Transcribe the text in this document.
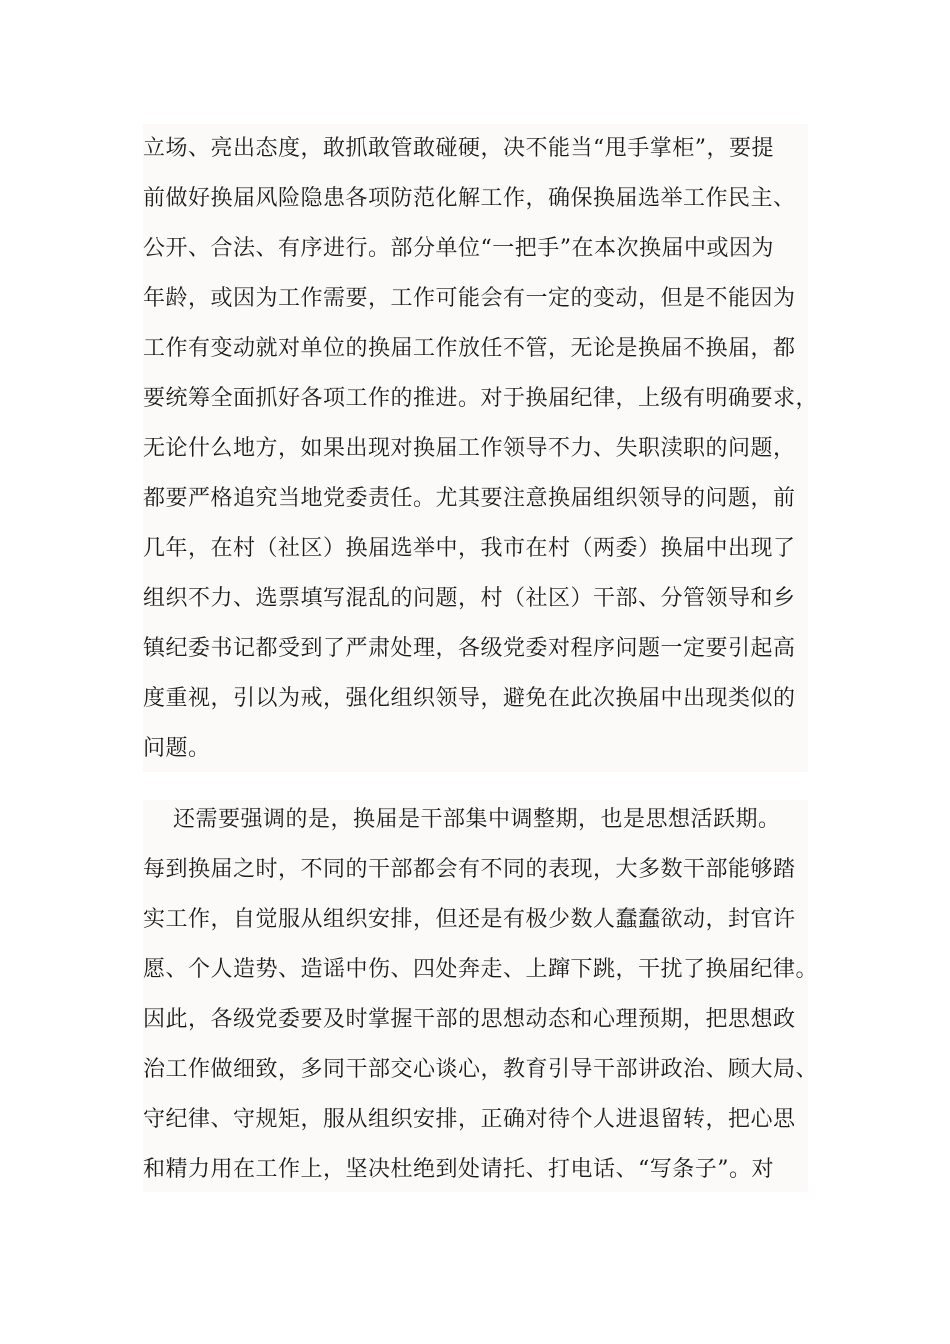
立场、亮出态度，敢抓敢管敢碰硬，决不能当“甩手掌柜”，要提
前做好换届风险隐患各项防范化解工作，确保换届选举工作民主、
公开、合法、有序进行。部分单位“一把手”在本次换届中或因为
年龄，或因为工作需要，工作可能会有一定的变动，但是不能因为
工作有变动就对单位的换届工作放任不管，无论是换届不换届，都
要统筹全面抓好各项工作的推进。对于换届纪律，上级有明确要求，
无论什么地方，如果出现对换届工作领导不力、失职渎职的问题，
都要严格追究当地党委责任。尤其要注意换届组织领导的问题，前
几年，在村（社区）换届选举中，我市在村（两委）换届中出现了
组织不力、选票填写混乱的问题，村（社区）干部、分管领导和乡
镇纪委书记都受到了严肃处理，各级党委对程序问题一定要引起高
度重视，引以为戒，强化组织领导，避免在此次换届中出现类似的
问题。
还需要强调的是，换届是干部集中调整期，也是思想活跃期。
每到换届之时，不同的干部都会有不同的表现，大多数干部能够踏
实工作，自觉服从组织安排，但还是有极少数人蠢蠢欲动，封官许
愿、个人造势、造谣中伤、四处奔走、上蹿下跳，干扰了换届纪律。
因此，各级党委要及时掌握干部的思想动态和心理预期，把思想政
治工作做细致，多同干部交心谈心，教育引导干部讲政治、顾大局、
守纪律、守规矩，服从组织安排，正确对待个人进退留转，把心思
和精力用在工作上，坚决杜绝到处请托、打电话、“写条子”。对
